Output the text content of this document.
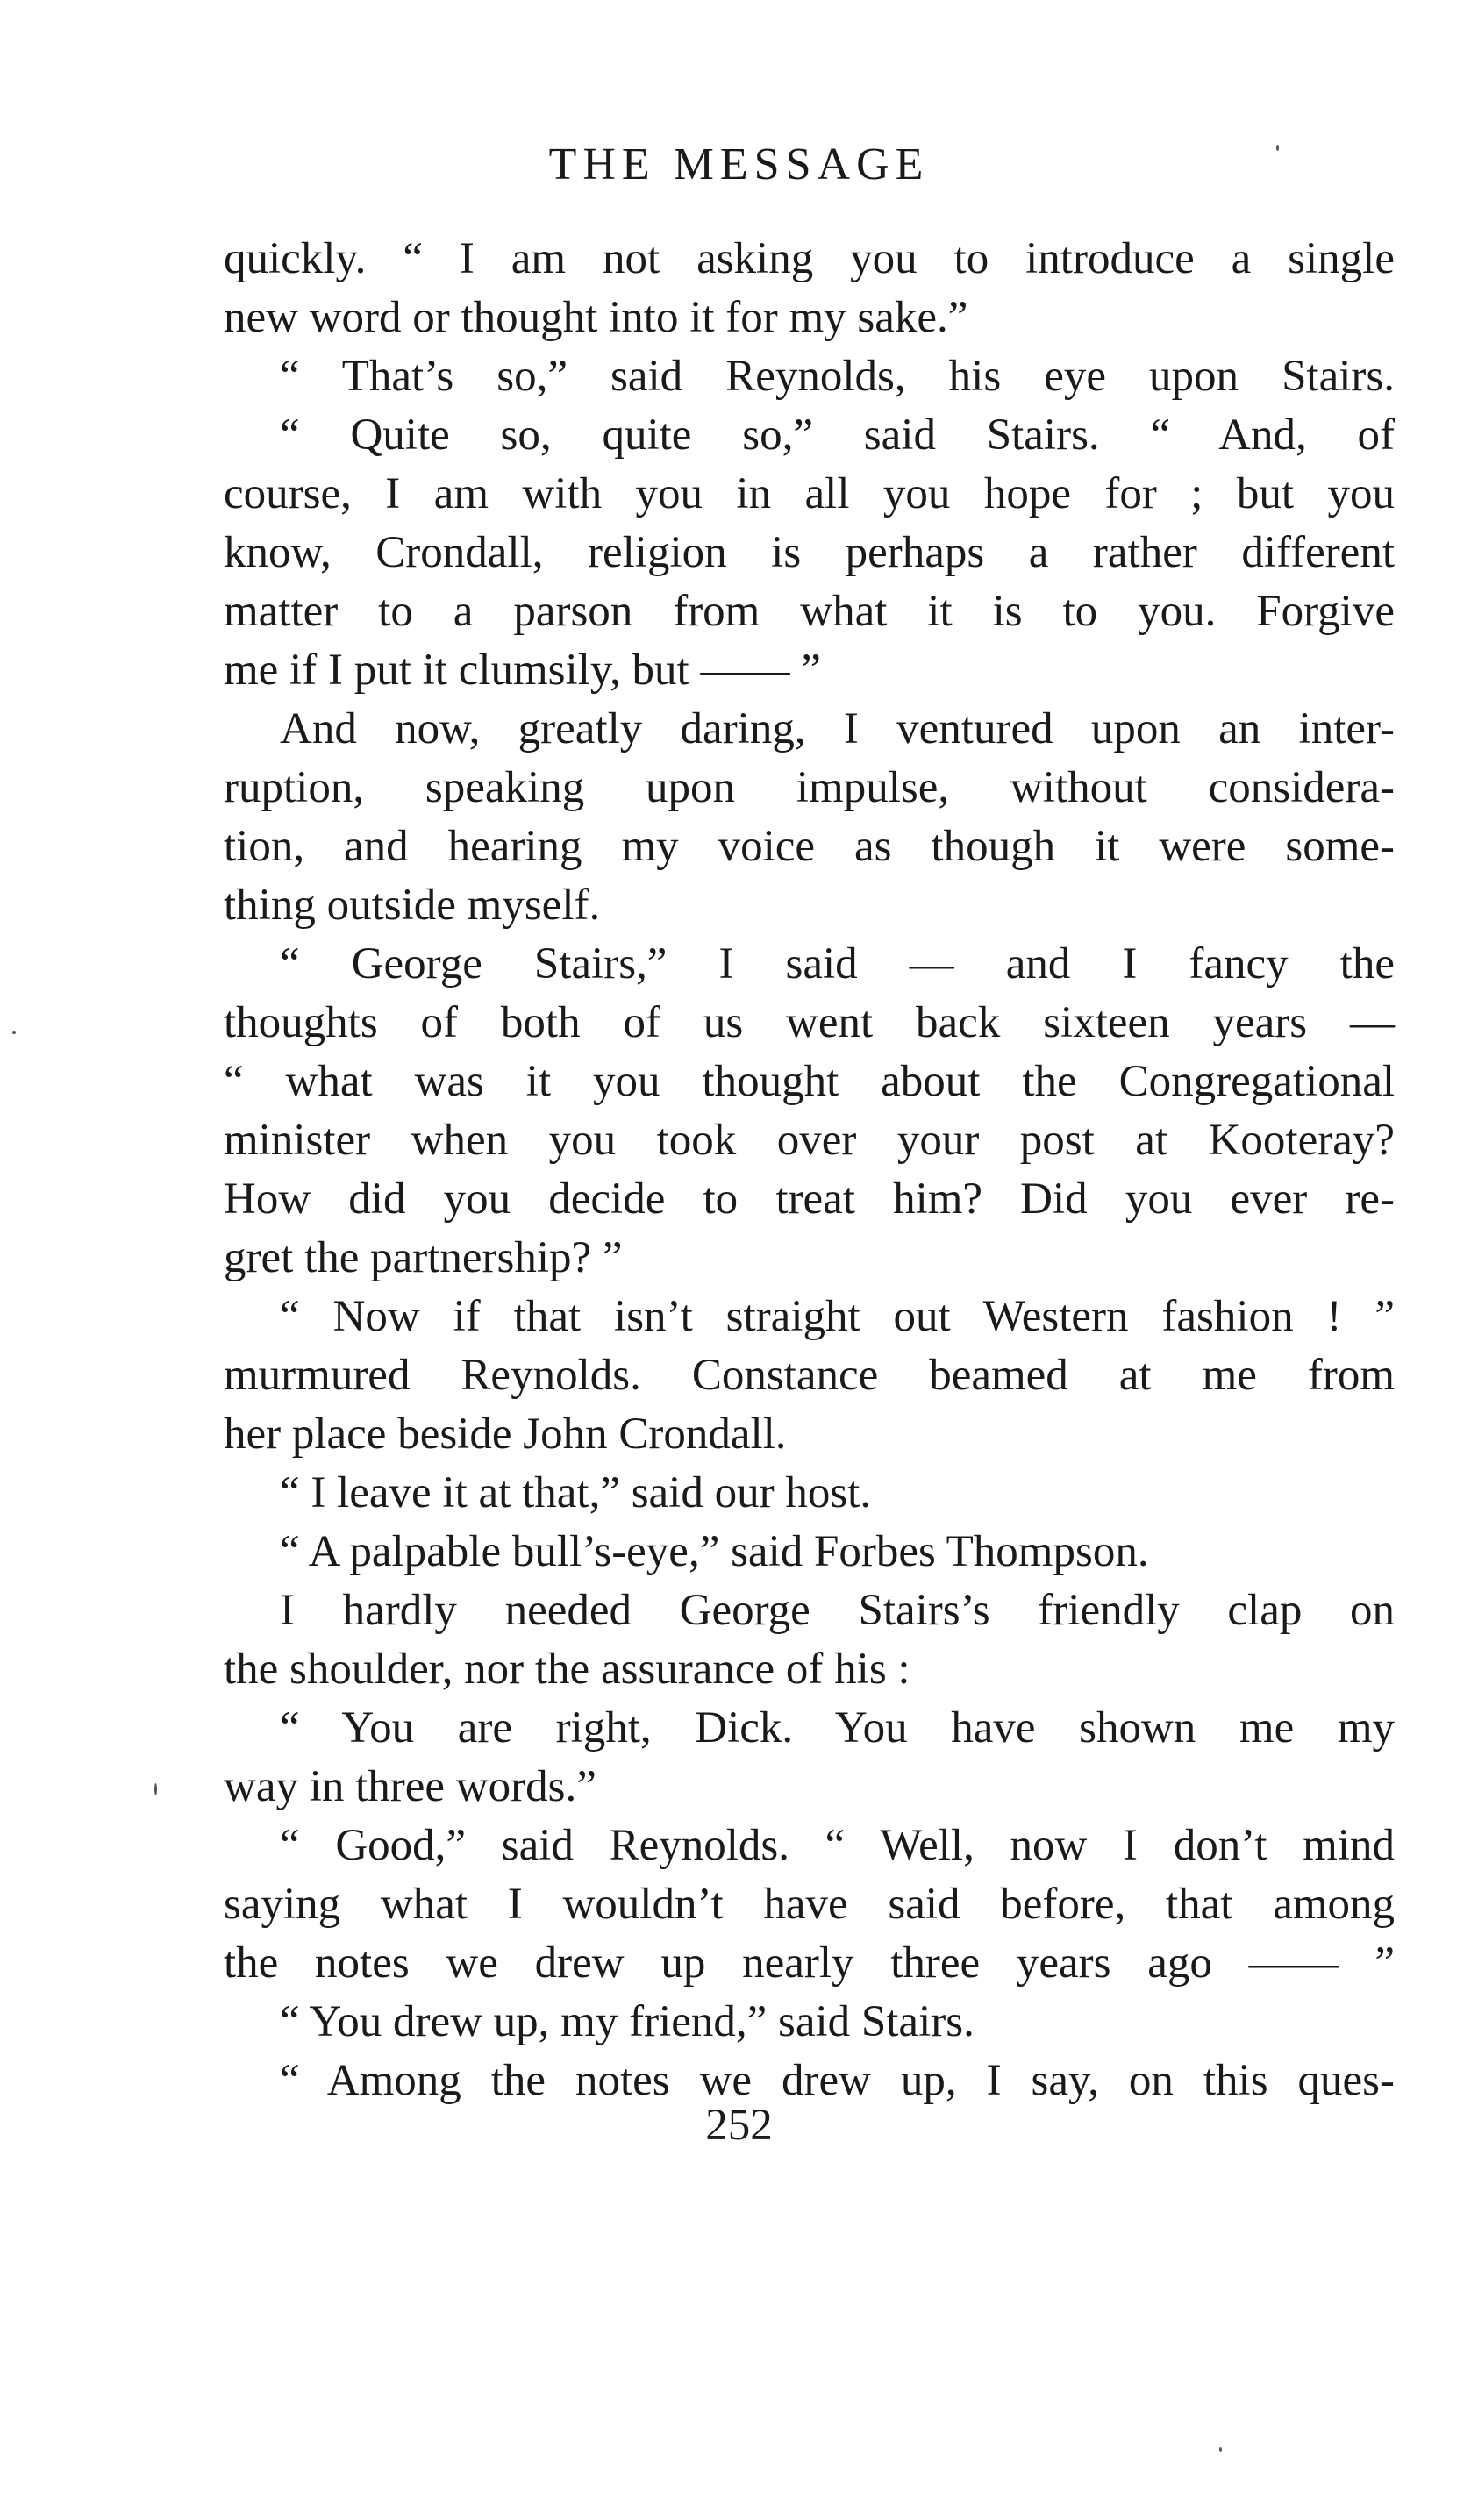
THE MESSAGE
quickly. “ I am not asking you to introduce a single
new word or thought into it for my sake.”
“ That’s so,” said Reynolds, his eye upon Stairs.
“ Quite so, quite so,” said Stairs. “ And, of
course, I am with you in all you hope for ; but you
know, Crondall, religion is perhaps a rather different
matter to a parson from what it is to you. Forgive
me if I put it clumsily, but —— ”
And now, greatly daring, I ventured upon an inter-
ruption, speaking upon impulse, without considera-
tion, and hearing my voice as though it were some-
thing outside myself.
“ George Stairs,” I said — and I fancy the
thoughts of both of us went back sixteen years —
“ what was it you thought about the Congregational
minister when you took over your post at Kooteray?
How did you decide to treat him? Did you ever re-
gret the partnership? ”
“ Now if that isn’t straight out Western fashion ! ”
murmured Reynolds. Constance beamed at me from
her place beside John Crondall.
“ I leave it at that,” said our host.
“ A palpable bull’s-eye,” said Forbes Thompson.
I hardly needed George Stairs’s friendly clap on
the shoulder, nor the assurance of his :
“ You are right, Dick. You have shown me my
way in three words.”
“ Good,” said Reynolds. “ Well, now I don’t mind
saying what I wouldn’t have said before, that among
the notes we drew up nearly three years ago —— ”
“ You drew up, my friend,” said Stairs.
“ Among the notes we drew up, I say, on this ques-
252
